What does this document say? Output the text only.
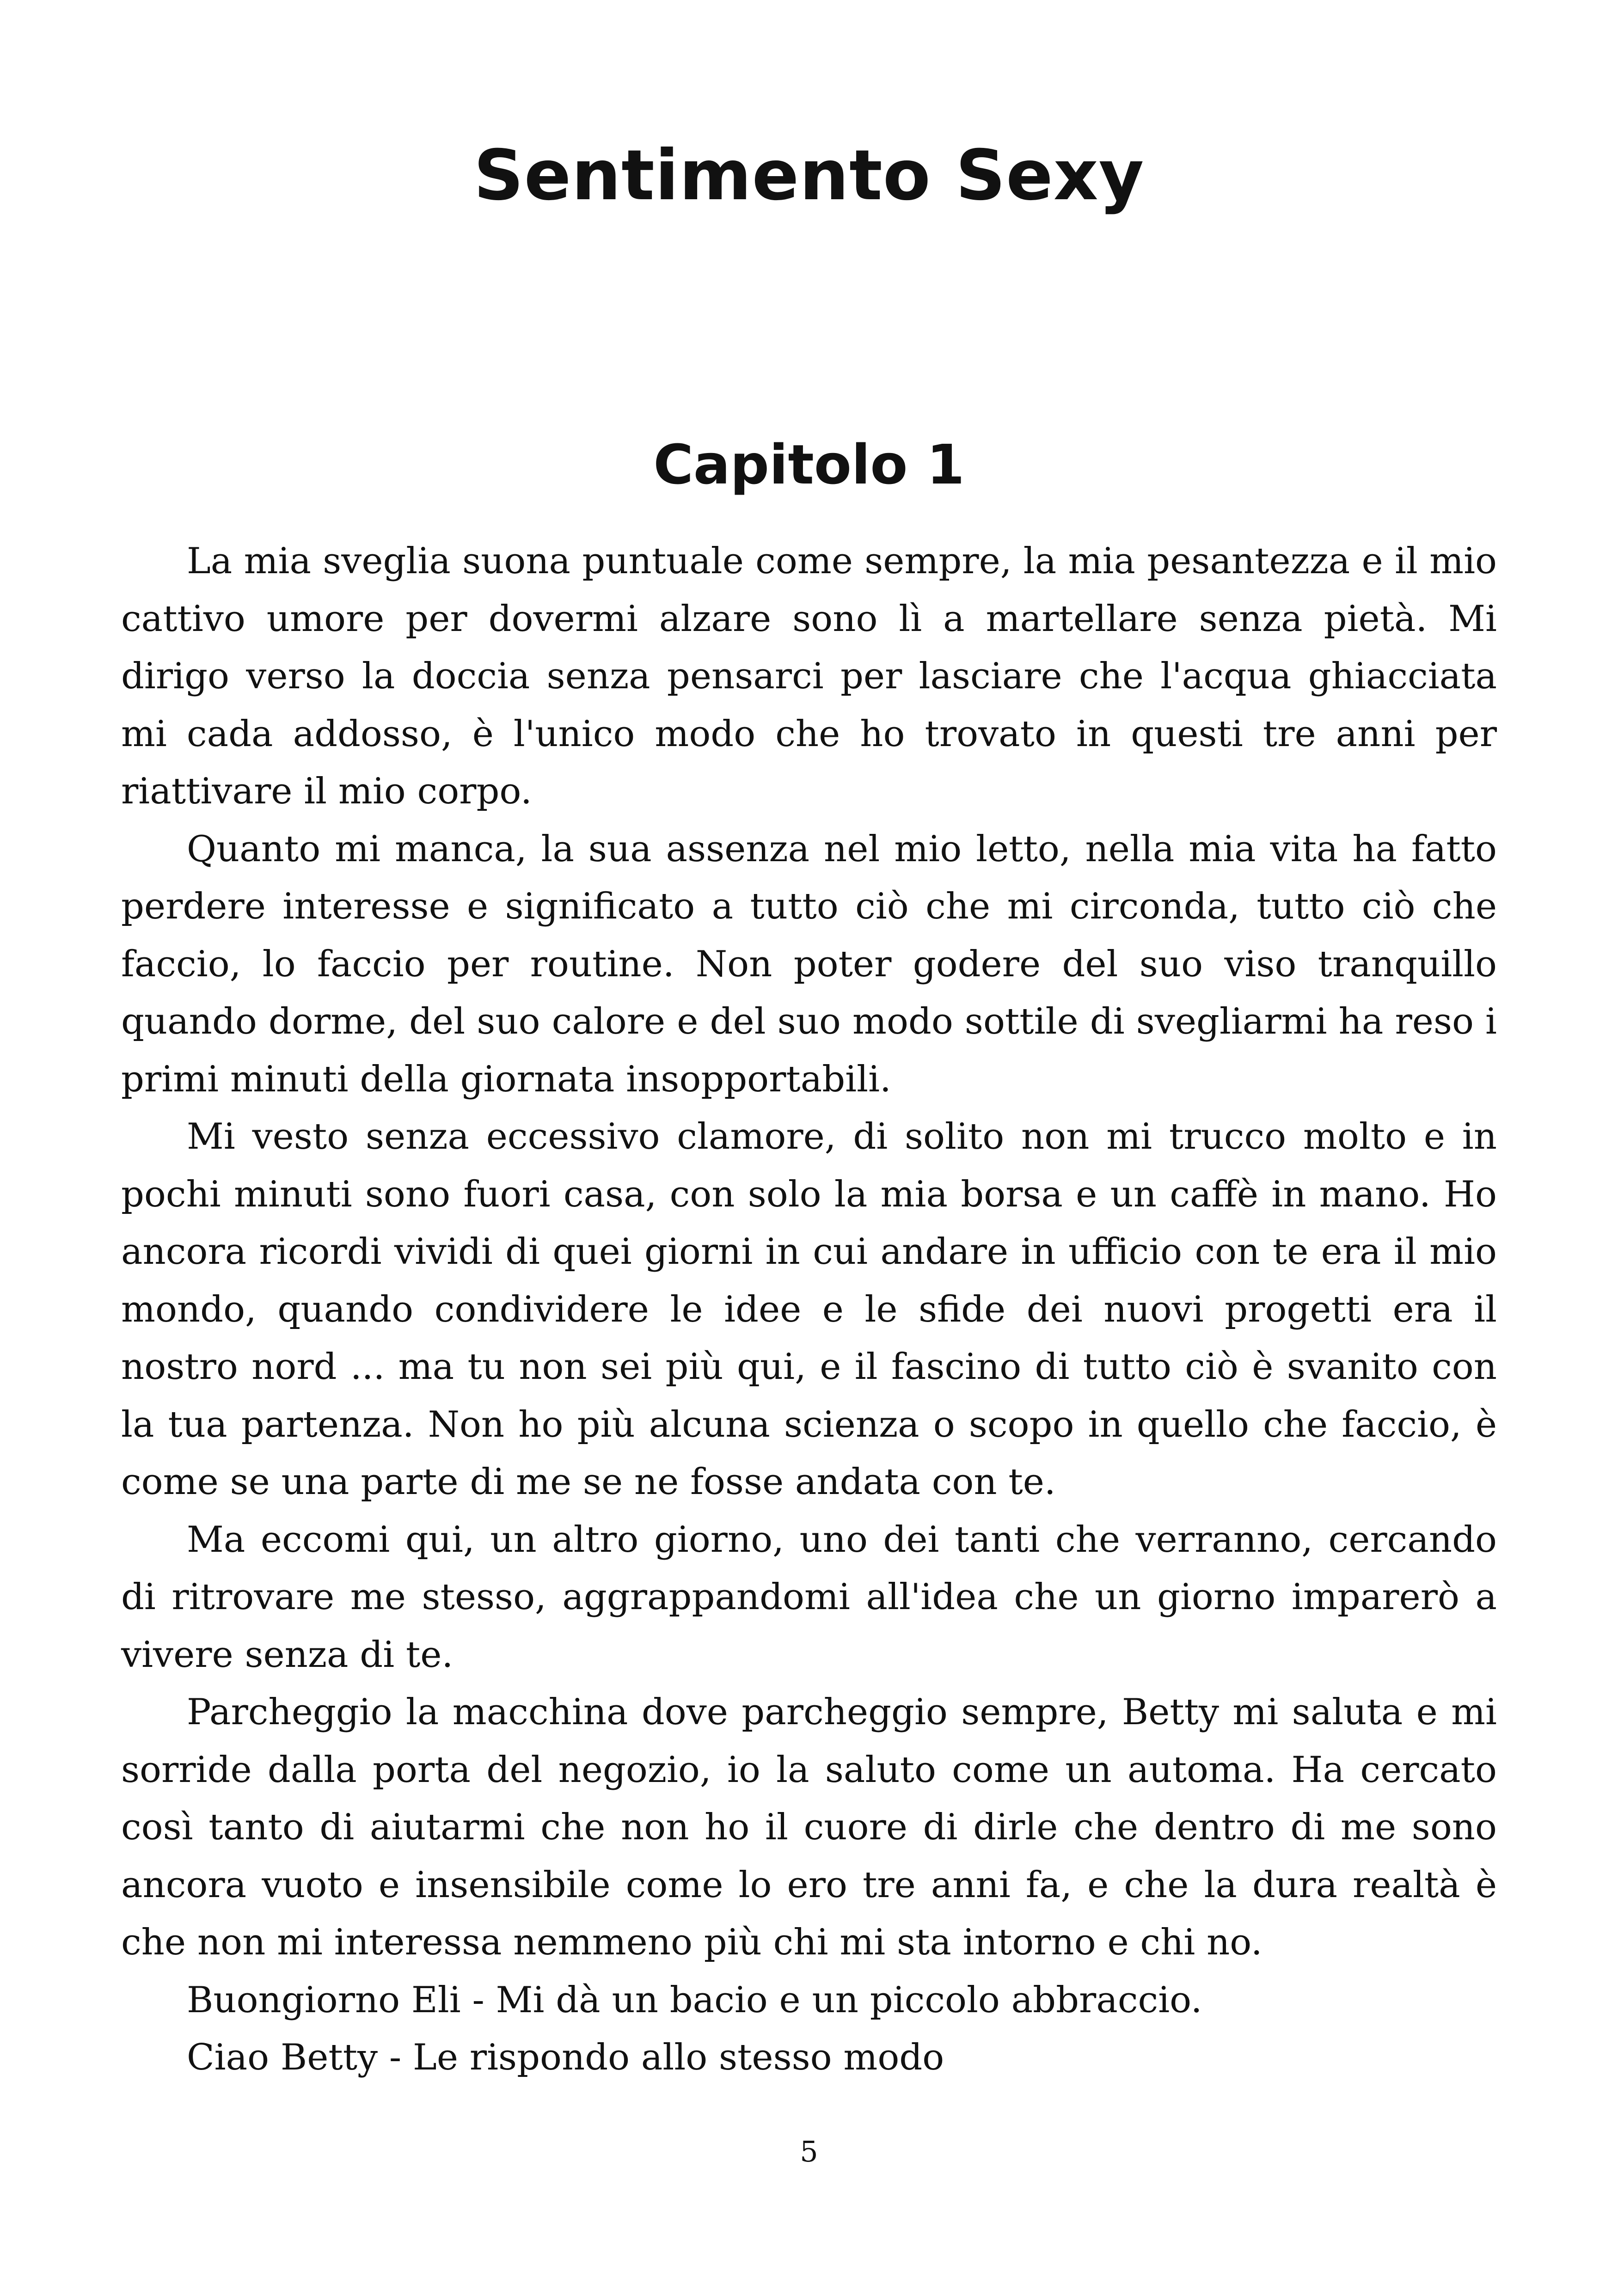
Sentimento Sexy
Capitolo 1

La mia sveglia suona puntuale come sempre, la mia pesantezza e il mio cattivo umore per dovermi alzare sono lì a martellare senza pietà. Mi dirigo verso la doccia senza pensarci per lasciare che l'acqua ghiacciata mi cada addosso, è l'unico modo che ho trovato in questi tre anni per riattivare il mio corpo.

Quanto mi manca, la sua assenza nel mio letto, nella mia vita ha fatto perdere interesse e significato a tutto ciò che mi circonda, tutto ciò che faccio, lo faccio per routine. Non poter godere del suo viso tranquillo quando dorme, del suo calore e del suo modo sottile di svegliarmi ha reso i primi minuti della giornata insopportabili.

Mi vesto senza eccessivo clamore, di solito non mi trucco molto e in pochi minuti sono fuori casa, con solo la mia borsa e un caffè in mano. Ho ancora ricordi vividi di quei giorni in cui andare in ufficio con te era il mio mondo, quando condividere le idee e le sfide dei nuovi progetti era il nostro nord ... ma tu non sei più qui, e il fascino di tutto ciò è svanito con la tua partenza. Non ho più alcuna scienza o scopo in quello che faccio, è come se una parte di me se ne fosse andata con te.

Ma eccomi qui, un altro giorno, uno dei tanti che verranno, cercando di ritrovare me stesso, aggrappandomi all'idea che un giorno imparerò a vivere senza di te.

Parcheggio la macchina dove parcheggio sempre, Betty mi saluta e mi sorride dalla porta del negozio, io la saluto come un automa. Ha cercato così tanto di aiutarmi che non ho il cuore di dirle che dentro di me sono ancora vuoto e insensibile come lo ero tre anni fa, e che la dura realtà è che non mi interessa nemmeno più chi mi sta intorno e chi no.

Buongiorno Eli - Mi dà un bacio e un piccolo abbraccio.

Ciao Betty - Le rispondo allo stesso modo

5
